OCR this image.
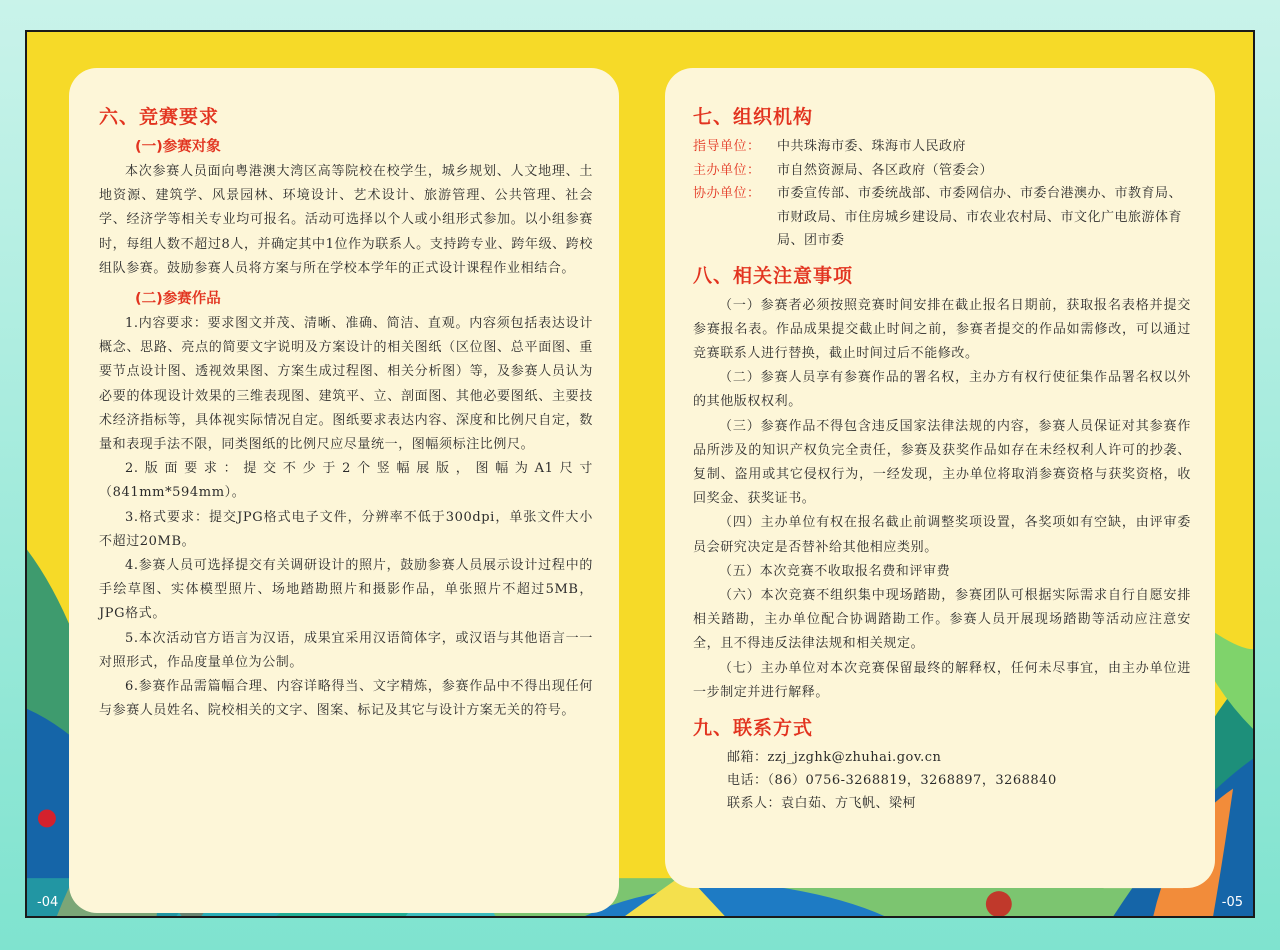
六、竞赛要求
(一)参赛对象

本次参赛人员面向粤港澳大湾区高等院校在校学生，城乡规划、人文地理、土地资源、建筑学、风景园林、环境设计、艺术设计、旅游管理、公共管理、社会学、经济学等相关专业均可报名。活动可选择以个人或小组形式参加。以小组参赛时，每组人数不超过8人，并确定其中1位作为联系人。支持跨专业、跨年级、跨校组队参赛。鼓励参赛人员将方案与所在学校本学年的正式设计课程作业相结合。

(二)参赛作品

1.内容要求：要求图文并茂、清晰、准确、简洁、直观。内容须包括表达设计概念、思路、亮点的简要文字说明及方案设计的相关图纸（区位图、总平面图、重要节点设计图、透视效果图、方案生成过程图、相关分析图）等，及参赛人员认为必要的体现设计效果的三维表现图、建筑平、立、剖面图、其他必要图纸、主要技术经济指标等，具体视实际情况自定。图纸要求表达内容、深度和比例尺自定，数量和表现手法不限，同类图纸的比例尺应尽量统一，图幅须标注比例尺。

2.版面要求：提交不少于2个竖幅展版，图幅为A1尺寸（841mm*594mm）。

3.格式要求：提交JPG格式电子文件，分辨率不低于300dpi，单张文件大小不超过20MB。

4.参赛人员可选择提交有关调研设计的照片，鼓励参赛人员展示设计过程中的手绘草图、实体模型照片、场地踏勘照片和摄影作品，单张照片不超过5MB，JPG格式。

5.本次活动官方语言为汉语，成果宜采用汉语简体字，或汉语与其他语言一一对照形式，作品度量单位为公制。

6.参赛作品需篇幅合理、内容详略得当、文字精炼，参赛作品中不得出现任何与参赛人员姓名、院校相关的文字、图案、标记及其它与设计方案无关的符号。

七、组织机构
指导单位：	中共珠海市委、珠海市人民政府
主办单位：	市自然资源局、各区政府（管委会）
协办单位：	市委宣传部、市委统战部、市委网信办、市委台港澳办、市教育局、市财政局、市住房城乡建设局、市农业农村局、市文化广电旅游体育局、团市委
八、相关注意事项

（一）参赛者必须按照竞赛时间安排在截止报名日期前，获取报名表格并提交参赛报名表。作品成果提交截止时间之前，参赛者提交的作品如需修改，可以通过竞赛联系人进行替换，截止时间过后不能修改。

（二）参赛人员享有参赛作品的署名权，主办方有权行使征集作品署名权以外的其他版权权利。

（三）参赛作品不得包含违反国家法律法规的内容，参赛人员保证对其参赛作品所涉及的知识产权负完全责任，参赛及获奖作品如存在未经权利人许可的抄袭、复制、盗用或其它侵权行为，一经发现，主办单位将取消参赛资格与获奖资格，收回奖金、获奖证书。

（四）主办单位有权在报名截止前调整奖项设置，各奖项如有空缺，由评审委员会研究决定是否替补给其他相应类别。

（五）本次竞赛不收取报名费和评审费

（六）本次竞赛不组织集中现场踏勘，参赛团队可根据实际需求自行自愿安排相关踏勘，主办单位配合协调踏勘工作。参赛人员开展现场踏勘等活动应注意安全，且不得违反法律法规和相关规定。

（七）主办单位对本次竞赛保留最终的解释权，任何未尽事宜，由主办单位进一步制定并进行解释。

九、联系方式
邮箱：zzj_jzghk@zhuhai.gov.cn
电话：（86）0756-3268819，3268897，3268840
联系人：袁白茹、方飞帆、梁柯
-04	-05
